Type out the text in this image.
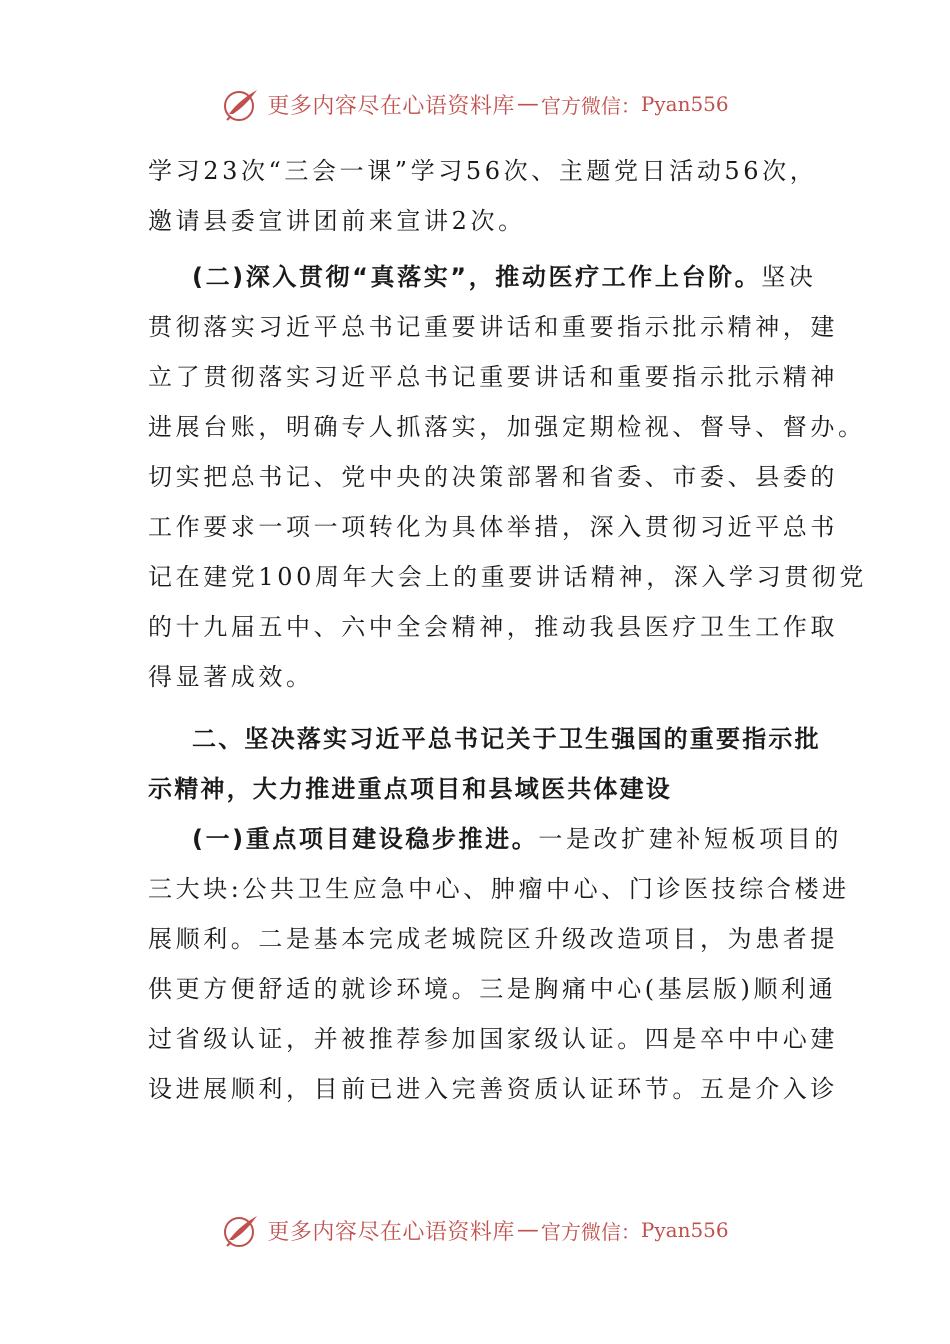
更多内容尽在心语资料库 — 官方微信： Pyan556
学习23次“三会一课”学习56次、主题党日活动56次，
邀请县委宣讲团前来宣讲2次。
(二)深入贯彻“真落实”，推动医疗工作上台阶。坚决
贯彻落实习近平总书记重要讲话和重要指示批示精神，建
立了贯彻落实习近平总书记重要讲话和重要指示批示精神
进展台账，明确专人抓落实，加强定期检视、督导、督办。
切实把总书记、党中央的决策部署和省委、市委、县委的
工作要求一项一项转化为具体举措，深入贯彻习近平总书
记在建党100周年大会上的重要讲话精神，深入学习贯彻党
的十九届五中、六中全会精神，推动我县医疗卫生工作取
得显著成效。
二、坚决落实习近平总书记关于卫生强国的重要指示批
示精神，大力推进重点项目和县域医共体建设
(一)重点项目建设稳步推进。一是改扩建补短板项目的
三大块:公共卫生应急中心、肿瘤中心、门诊医技综合楼进
展顺利。二是基本完成老城院区升级改造项目，为患者提
供更方便舒适的就诊环境。三是胸痛中心(基层版)顺利通
过省级认证，并被推荐参加国家级认证。四是卒中中心建
设进展顺利，目前已进入完善资质认证环节。五是介入诊
更多内容尽在心语资料库 — 官方微信： Pyan556
